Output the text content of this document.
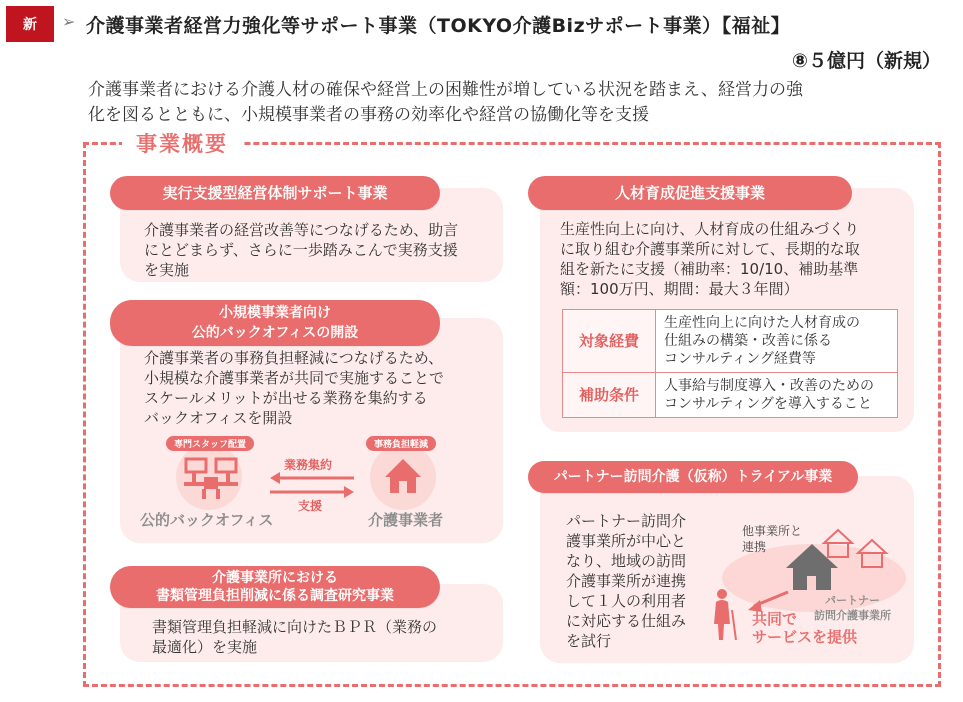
新	➢ 介護事業者経営力強化等サポート事業（TOKYO介護Bizサポート事業）【福祉】
⑧５億円（新規）
介護事業者における介護人材の確保や経営上の困難性が増している状況を踏まえ、経営力の強
化を図るとともに、小規模事業者の事務の効率化や経営の協働化等を支援
事業概要
実行支援型経営体制サポート事業
介護事業者の経営改善等につなげるため、助言
にとどまらず、さらに一歩踏みこんで実務支援
を実施
小規模事業者向け
公的バックオフィスの開設
介護事業者の事務負担軽減につなげるため、
小規模な介護事業者が共同で実施することで
スケールメリットが出せる業務を集約する
バックオフィスを開設
専門スタッフ配置	事務負担軽減
業務集約
支援
公的バックオフィス	介護事業者
介護事業所における
書類管理負担削減に係る調査研究事業
書類管理負担軽減に向けたＢＰＲ（業務の
最適化）を実施
人材育成促進支援事業
生産性向上に向け、人材育成の仕組みづくり
に取り組む介護事業所に対して、長期的な取
組を新たに支援（補助率：10/10、補助基準
額：100万円、期間：最大３年間）
対象経費	生産性向上に向けた人材育成の
仕組みの構築・改善に係る
コンサルティング経費等

補助条件	人事給与制度導入・改善のための
コンサルティングを導入すること
パートナー訪問介護（仮称）トライアル事業
パートナー訪問介
護事業所が中心と
なり、地域の訪問
介護事業所が連携
して１人の利用者
に対応する仕組み
を試行
他事業所と
連携
パートナー
訪問介護事業所
共同で
サービスを提供
